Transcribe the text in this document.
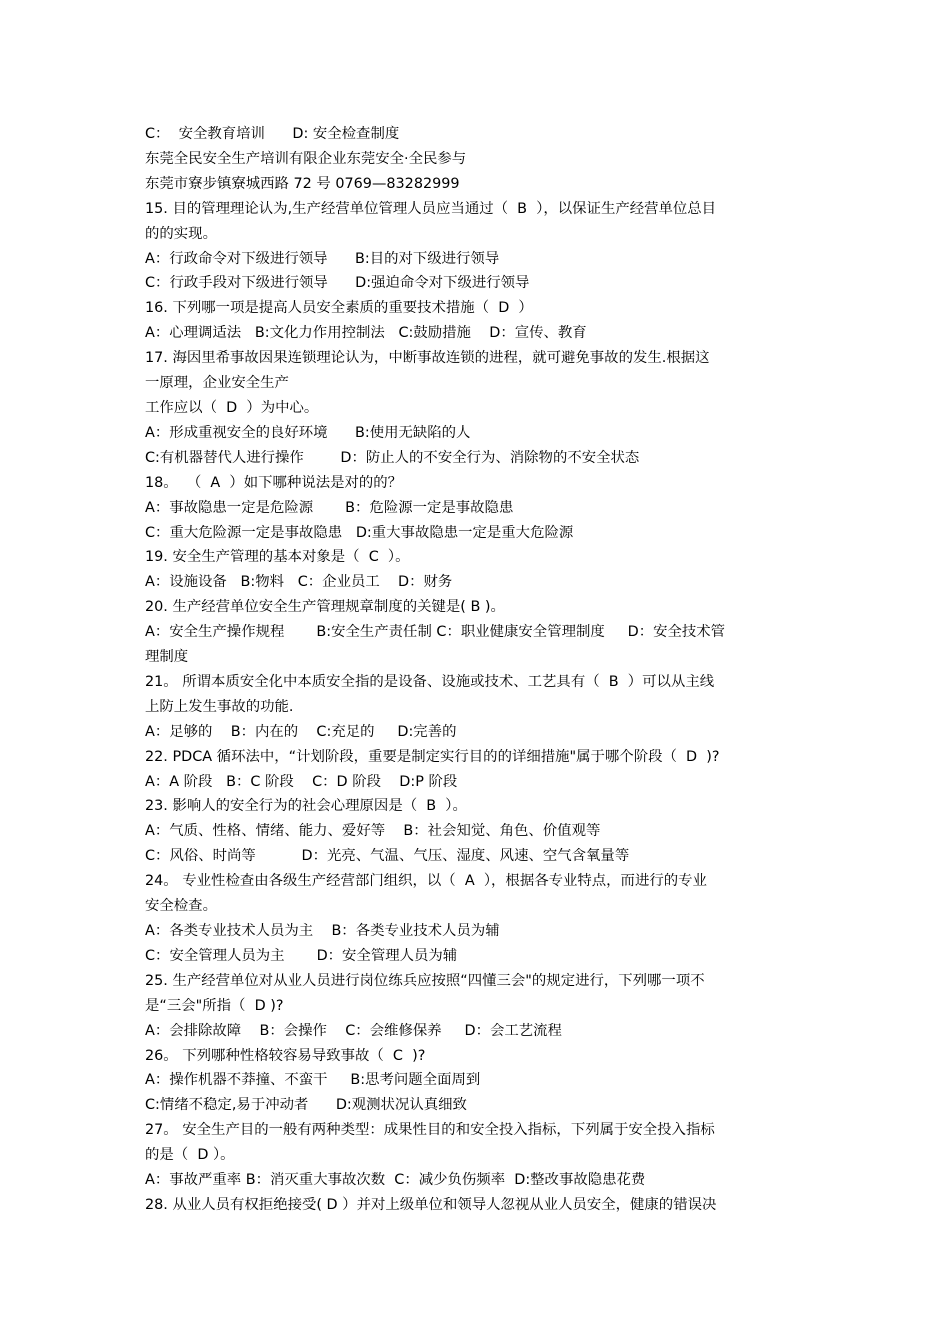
C：  安全教育培训      D: 安全检查制度
东莞全民安全生产培训有限企业东莞安全·全民参与
东莞市寮步镇寮城西路 72 号 0769—83282999
15. 目的管理理论认为,生产经营单位管理人员应当通过（  B  ），以保证生产经营单位总目
的的实现。
A：行政命令对下级进行领导      B:目的对下级进行领导
C：行政手段对下级进行领导      D:强迫命令对下级进行领导
16. 下列哪一项是提高人员安全素质的重要技术措施（  D  ）
A：心理调适法   B:文化力作用控制法   C:鼓励措施    D：宣传、教育
17. 海因里希事故因果连锁理论认为，中断事故连锁的进程，就可避免事故的发生.根据这
一原理，企业安全生产
工作应以（  D  ）为中心。
A：形成重视安全的良好环境      B:使用无缺陷的人
C:有机器替代人进行操作        D：防止人的不安全行为、消除物的不安全状态
18。  （  A  ）如下哪种说法是对的的？
A：事故隐患一定是危险源       B：危险源一定是事故隐患
C：重大危险源一定是事故隐患   D:重大事故隐患一定是重大危险源
19. 安全生产管理的基本对象是（  C  ）。
A：设施设备   B:物料   C：企业员工    D：财务
20. 生产经营单位安全生产管理规章制度的关键是( B )。
A：安全生产操作规程       B:安全生产责任制 C：职业健康安全管理制度     D：安全技术管
理制度
21。 所谓本质安全化中本质安全指的是设备、设施或技术、工艺具有（  B  ）可以从主线
上防上发生事故的功能.
A：足够的    B：内在的    C:充足的     D:完善的
22. PDCA 循环法中，“计划阶段，重要是制定实行目的的详细措施"属于哪个阶段（  D  )?
A：A 阶段   B：C 阶段    C：D 阶段    D:P 阶段
23. 影响人的安全行为的社会心理原因是（  B  ）。
A：气质、性格、情绪、能力、爱好等    B：社会知觉、角色、价值观等
C：风俗、时尚等          D：光亮、气温、气压、湿度、风速、空气含氧量等
24。 专业性检查由各级生产经营部门组织，以（  A  ），根据各专业特点，而进行的专业
安全检查。
A：各类专业技术人员为主    B：各类专业技术人员为辅
C：安全管理人员为主       D：安全管理人员为辅
25. 生产经营单位对从业人员进行岗位练兵应按照“四懂三会"的规定进行，下列哪一项不
是“三会"所指（  D )?
A：会排除故障    B：会操作    C：会维修保养     D：会工艺流程
26。 下列哪种性格较容易导致事故（  C  )?
A：操作机器不莽撞、不蛮干     B:思考问题全面周到
C:情绪不稳定,易于冲动者      D:观测状况认真细致
27。 安全生产目的一般有两种类型：成果性目的和安全投入指标，下列属于安全投入指标
的是（  D ）。
A：事故严重率 B：消灭重大事故次数  C：减少负伤频率  D:整改事故隐患花费
28. 从业人员有权拒绝接受( D ）并对上级单位和领导人忽视从业人员安全，健康的错误决
